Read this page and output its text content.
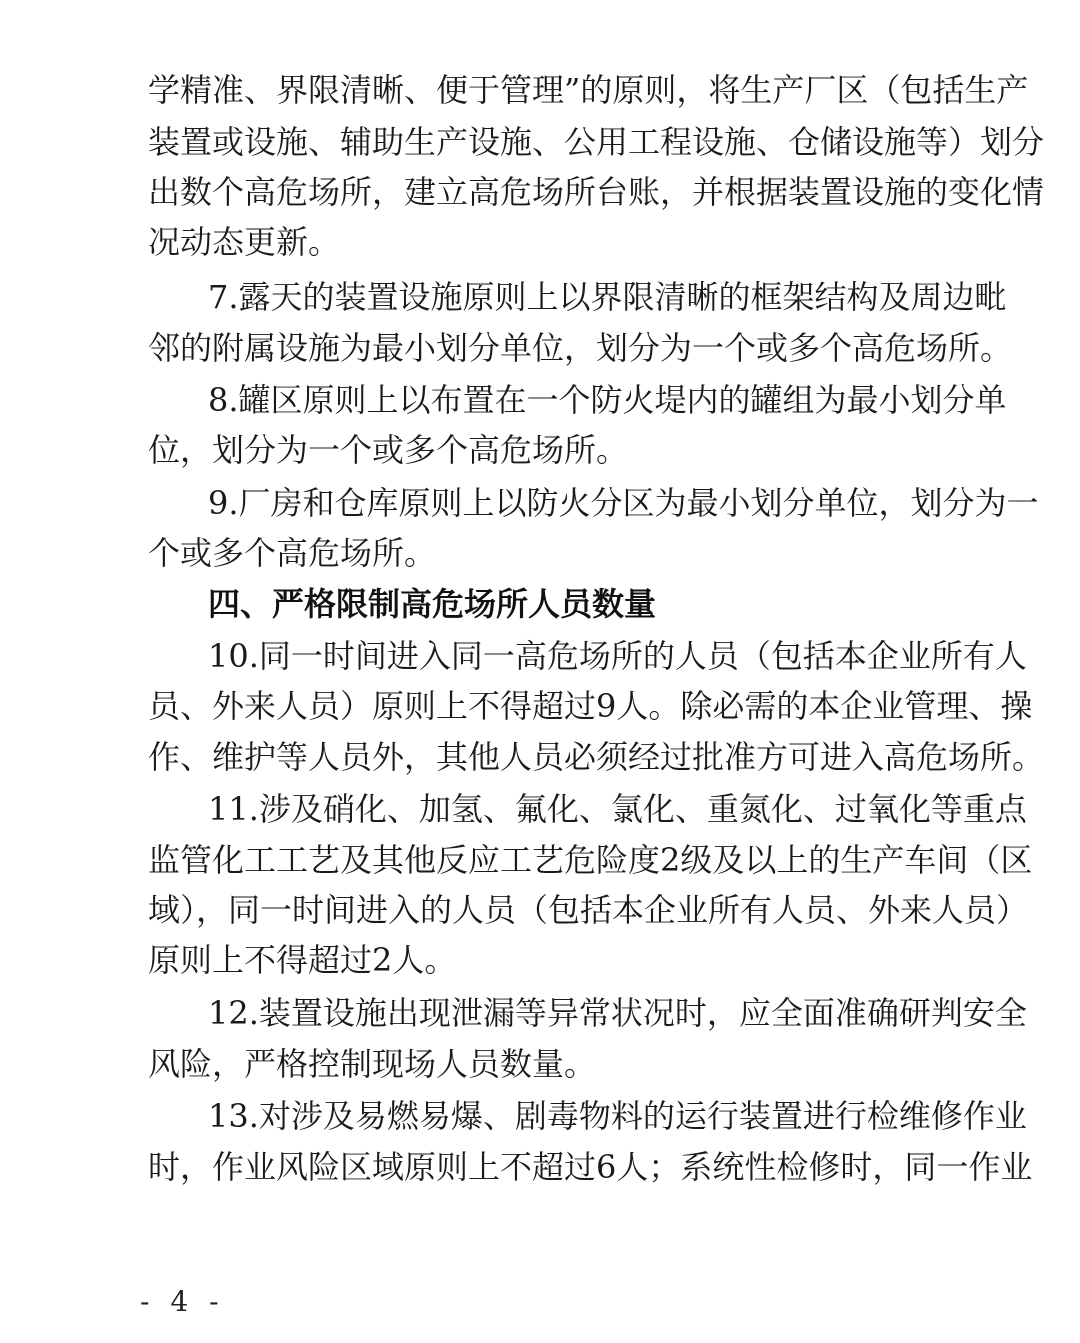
学精准、界限清晰、便于管理”的原则，将生产厂区（包括生产
装置或设施、辅助生产设施、公用工程设施、仓储设施等）划分
出数个高危场所，建立高危场所台账，并根据装置设施的变化情
况动态更新。
7.露天的装置设施原则上以界限清晰的框架结构及周边毗
邻的附属设施为最小划分单位，划分为一个或多个高危场所。
8.罐区原则上以布置在一个防火堤内的罐组为最小划分单
位，划分为一个或多个高危场所。
9.厂房和仓库原则上以防火分区为最小划分单位，划分为一
个或多个高危场所。
四、严格限制高危场所人员数量
10.同一时间进入同一高危场所的人员（包括本企业所有人
员、外来人员）原则上不得超过9人。除必需的本企业管理、操
作、维护等人员外，其他人员必须经过批准方可进入高危场所。
11.涉及硝化、加氢、氟化、氯化、重氮化、过氧化等重点
监管化工工艺及其他反应工艺危险度2级及以上的生产车间（区
域），同一时间进入的人员（包括本企业所有人员、外来人员）
原则上不得超过2人。
12.装置设施出现泄漏等异常状况时，应全面准确研判安全
风险，严格控制现场人员数量。
13.对涉及易燃易爆、剧毒物料的运行装置进行检维修作业
时，作业风险区域原则上不超过6人；系统性检修时，同一作业
- 4 -
